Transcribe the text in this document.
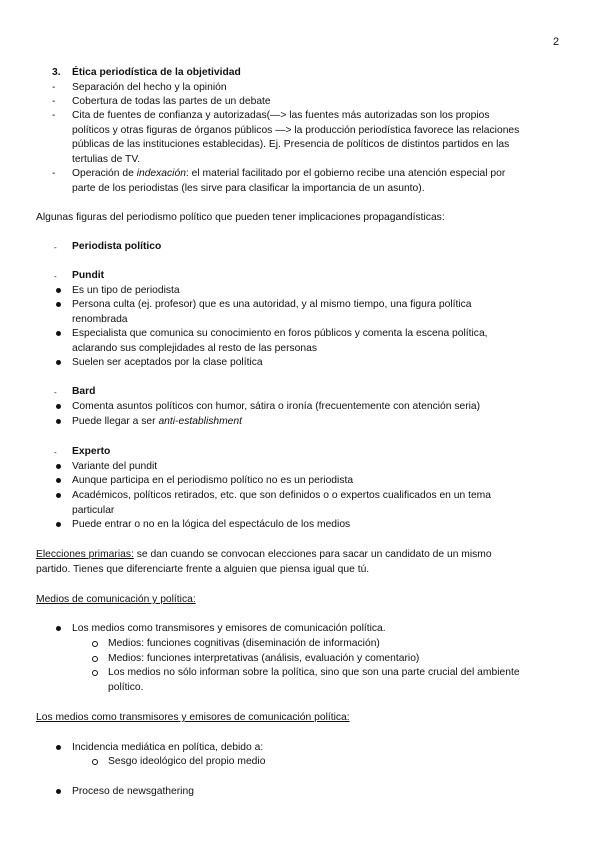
2
3. Ética periodística de la objetividad
- Separación del hecho y la opinión
- Cobertura de todas las partes de un debate
- Cita de fuentes de confianza y autorizadas(—> las fuentes más autorizadas son los propios
políticos y otras figuras de órganos públicos —> la producción periodística favorece las relaciones
públicas de las instituciones establecidas). Ej. Presencia de políticos de distintos partidos en las
tertulias de TV.
- Operación de indexación: el material facilitado por el gobierno recibe una atención especial por
parte de los periodistas (les sirve para clasificar la importancia de un asunto).
Algunas figuras del periodismo político que pueden tener implicaciones propagandísticas:
- Periodista político
- Pundit
Es un tipo de periodista
Persona culta (ej. profesor) que es una autoridad, y al mismo tiempo, una figura política
renombrada
Especialista que comunica su conocimiento en foros públicos y comenta la escena política,
aclarando sus complejidades al resto de las personas
Suelen ser aceptados por la clase política
- Bard
Comenta asuntos políticos con humor, sátira o ironía (frecuentemente con atención seria)
Puede llegar a ser anti-establishment
- Experto
Variante del pundit
Aunque participa en el periodismo político no es un periodista
Académicos, políticos retirados, etc. que son definidos o o expertos cualificados en un tema
particular
Puede entrar o no en la lógica del espectáculo de los medios
Elecciones primarias: se dan cuando se convocan elecciones para sacar un candidato de un mismo
partido. Tienes que diferenciarte frente a alguien que piensa igual que tú.
Medios de comunicación y política:
Los medios como transmisores y emisores de comunicación política.
Medios: funciones cognitivas (diseminación de información)
Medios: funciones interpretativas (análisis, evaluación y comentario)
Los medios no sólo informan sobre la política, sino que son una parte crucial del ambiente
político.
Los medios como transmisores y emisores de comunicación política:
Incidencia mediática en política, debido a:
Sesgo ideológico del propio medio
Proceso de newsgathering
